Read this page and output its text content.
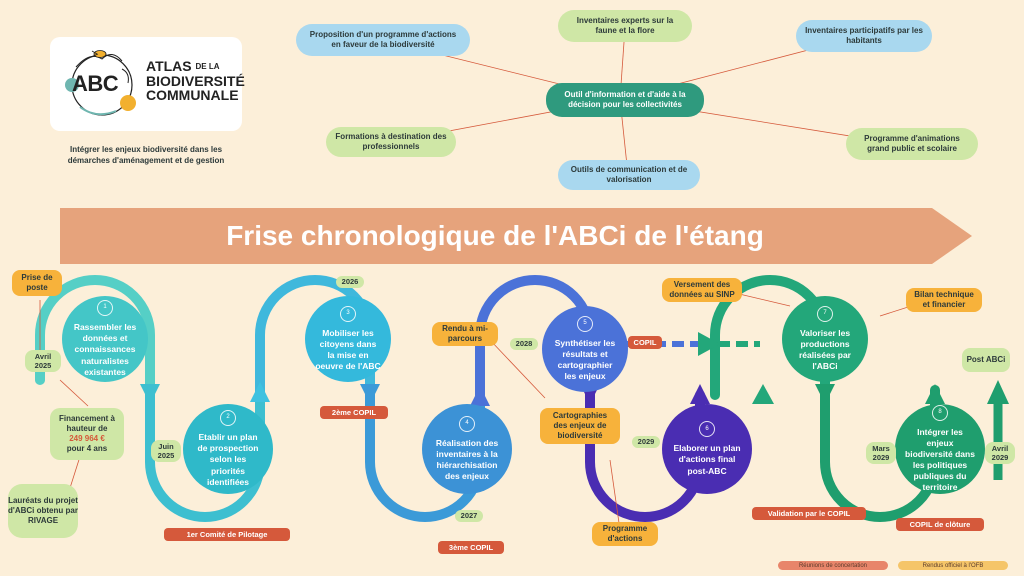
ABC
ATLAS DE LA
BIODIVERSITÉ
COMMUNALE
Intégrer les enjeux biodiversité dans les démarches d'aménagement et de gestion
Proposition d'un programme d'actions en faveur de la biodiversité
Inventaires experts sur la faune et la flore	Inventaires participatifs par les habitants
Outil d'information et d'aide à la décision pour les collectivités
Formations à destination des professionnels
Outils de communication et de valorisation
Programme d'animations grand public et scolaire
Frise chronologique de l'ABCi de l'étang
1
Rassembler les données et connaissances naturalistes existantes
2
Etablir un plan de prospection selon les priorités identifiées
3
Mobiliser les citoyens dans la mise en oeuvre de l'ABC
4
Réalisation des inventaires à la hiérarchisation des enjeux
5
Synthétiser les résultats et cartographier les enjeux
6
Elaborer un plan d'actions final post-ABC
7
Valoriser les productions réalisées par l'ABCi
8
Intégrer les enjeux biodiversité dans les politiques publiques du territoire
Avril 2025
Juin 2025
2026
2027
2028
2029
Mars 2029
Avril 2029
Prise de poste
Financement à hauteur de
249 964 €
pour 4 ans
Lauréats du projet d'ABCi obtenu par RIVAGE
Rendu à mi-parcours
Cartographies des enjeux de biodiversité
Versement des données au SINP	Bilan technique et financier
Post ABCi
Programme d'actions
1er Comité de Pilotage
2ème COPIL
3ème COPIL
COPIL
Validation par le COPIL
COPIL de clôture
Réunions de concertation	Rendus officiel à l'OFB
